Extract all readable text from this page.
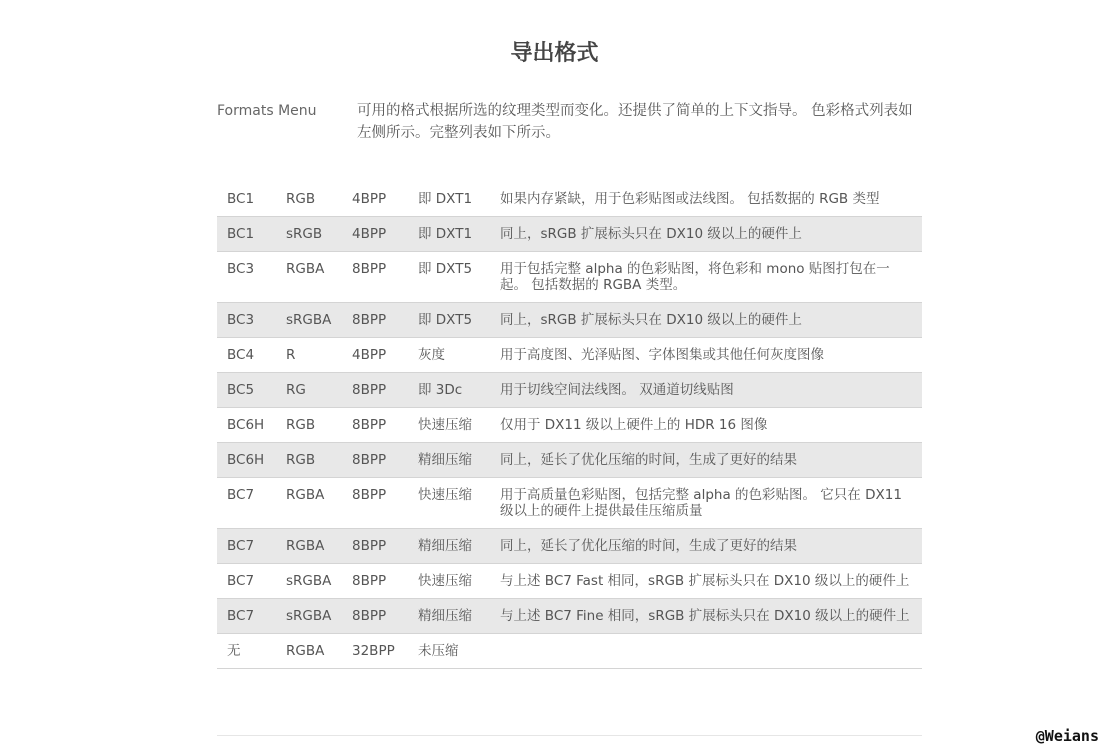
导出格式
Formats Menu	可用的格式根据所选的纹理类型而变化。还提供了简单的上下文指导。 色彩格式列表如左侧所示。完整列表如下所示。
BC1	RGB	4BPP	即 DXT1	如果内存紧缺，用于色彩贴图或法线图。 包括数据的 RGB 类型
BC1	sRGB	4BPP	即 DXT1	同上，sRGB 扩展标头只在 DX10 级以上的硬件上
BC3	RGBA	8BPP	即 DXT5	用于包括完整 alpha 的色彩贴图，将色彩和 mono 贴图打包在一起。 包括数据的 RGBA 类型。
BC3	sRGBA	8BPP	即 DXT5	同上，sRGB 扩展标头只在 DX10 级以上的硬件上
BC4	R	4BPP	灰度	用于高度图、光泽贴图、字体图集或其他任何灰度图像
BC5	RG	8BPP	即 3Dc	用于切线空间法线图。 双通道切线贴图
BC6H	RGB	8BPP	快速压缩	仅用于 DX11 级以上硬件上的 HDR 16 图像
BC6H	RGB	8BPP	精细压缩	同上，延长了优化压缩的时间，生成了更好的结果
BC7	RGBA	8BPP	快速压缩	用于高质量色彩贴图，包括完整 alpha 的色彩贴图。 它只在 DX11 级以上的硬件上提供最佳压缩质量
BC7	RGBA	8BPP	精细压缩	同上，延长了优化压缩的时间，生成了更好的结果
BC7	sRGBA	8BPP	快速压缩	与上述 BC7 Fast 相同，sRGB 扩展标头只在 DX10 级以上的硬件上
BC7	sRGBA	8BPP	精细压缩	与上述 BC7 Fine 相同，sRGB 扩展标头只在 DX10 级以上的硬件上
无	RGBA	32BPP	未压缩	
@Weians
